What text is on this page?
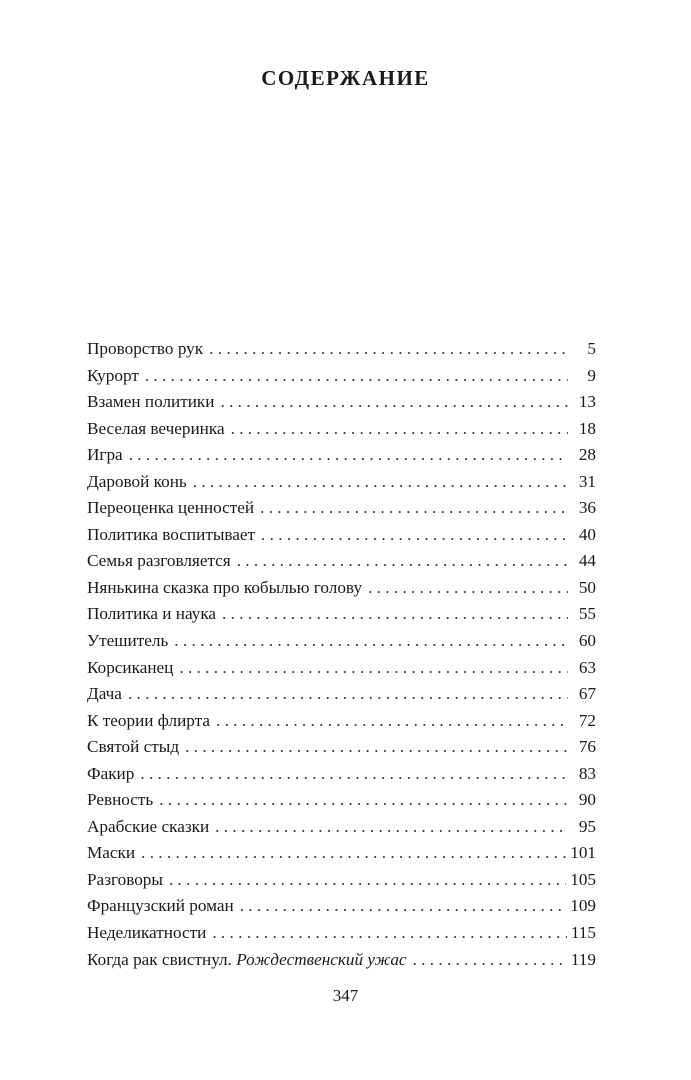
СОДЕРЖАНИЕ
Проворство рук . . .	5
Курорт . . .	9
Взамен политики . . .	13
Веселая вечеринка . . .	18
Игра . . .	28
Даровой конь . . .	31
Переоценка ценностей . . .	36
Политика воспитывает . . .	40
Семья разговляется . . .	44
Нянькина сказка про кобылью голову . . .	50
Политика и наука . . .	55
Утешитель . . .	60
Корсиканец . . .	63
Дача . . .	67
К теории флирта . . .	72
Святой стыд . . .	76
Факир . . .	83
Ревность . . .	90
Арабские сказки . . .	95
Маски . . .	101
Разговоры . . .	105
Французский роман . . .	109
Неделикатности . . .	115
Когда рак свистнул. Рождественский ужас . . .	119
347
